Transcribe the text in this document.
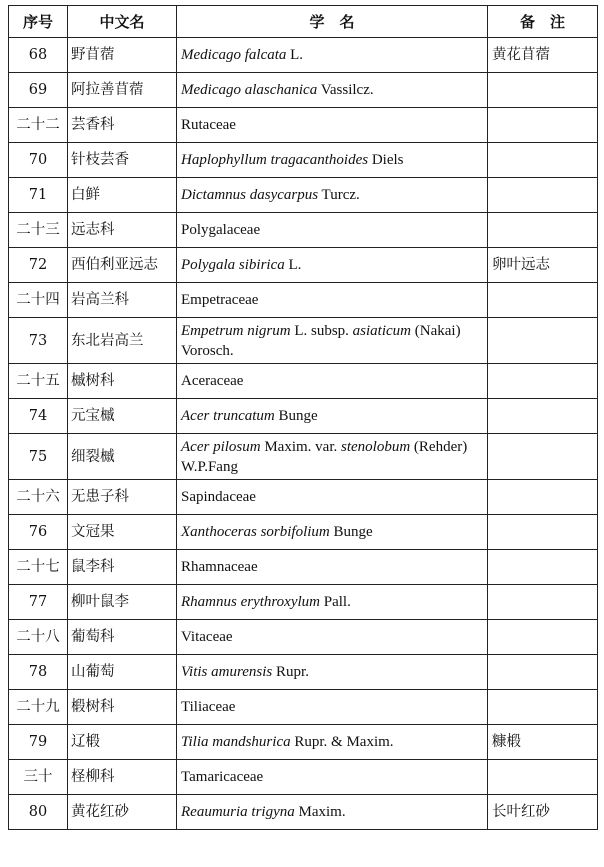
序号	中文名	学　名	备　注
68	野苜蓿	Medicago falcata L.	黄花苜蓿
69	阿拉善苜蓿	Medicago alaschanica Vassilcz.	
二十二	芸香科	Rutaceae	
70	针枝芸香	Haplophyllum tragacanthoides Diels	
71	白鲜	Dictamnus dasycarpus Turcz.	
二十三	远志科	Polygalaceae	
72	西伯利亚远志	Polygala sibirica L.	卵叶远志
二十四	岩高兰科	Empetraceae	
73	东北岩高兰	Empetrum nigrum L. subsp. asiaticum (Nakai) Vorosch.	
二十五	槭树科	Aceraceae	
74	元宝槭	Acer truncatum Bunge	
75	细裂槭	Acer pilosum Maxim. var. stenolobum (Rehder) W.P.Fang	
二十六	无患子科	Sapindaceae	
76	文冠果	Xanthoceras sorbifolium Bunge	
二十七	鼠李科	Rhamnaceae	
77	柳叶鼠李	Rhamnus erythroxylum Pall.	
二十八	葡萄科	Vitaceae	
78	山葡萄	Vitis amurensis Rupr.	
二十九	椴树科	Tiliaceae	
79	辽椴	Tilia mandshurica Rupr. & Maxim.	糠椴
三十	柽柳科	Tamaricaceae	
80	黄花红砂	Reaumuria trigyna Maxim.	长叶红砂
